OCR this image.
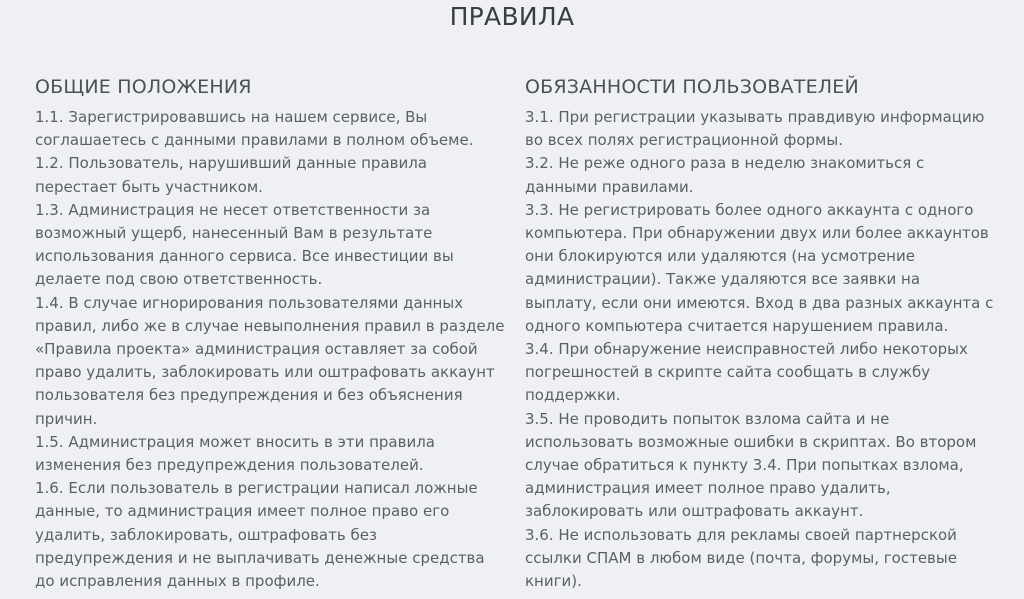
ПРАВИЛА
ОБЩИЕ ПОЛОЖЕНИЯ
1.1. Зарегистрировавшись на нашем сервисе, Вы соглашаетесь с данными правилами в полном объеме.
1.2. Пользователь, нарушивший данные правила перестает быть участником.
1.3. Администрация не несет ответственности за возможный ущерб, нанесенный Вам в результате использования данного сервиса. Все инвестиции вы делаете под свою ответственность.
1.4. В случае игнорирования пользователями данных правил, либо же в случае невыполнения правил в разделе «Правила проекта» администрация оставляет за собой право удалить, заблокировать или оштрафовать аккаунт пользователя без предупреждения и без объяснения причин.
1.5. Администрация может вносить в эти правила изменения без предупреждения пользователей.
1.6. Если пользователь в регистрации написал ложные данные, то администрация имеет полное право его удалить, заблокировать, оштрафовать без предупреждения и не выплачивать денежные средства до исправления данных в профиле.
ОБЯЗАННОСТИ ПОЛЬЗОВАТЕЛЕЙ
3.1. При регистрации указывать правдивую информацию во всех полях регистрационной формы.
3.2. Не реже одного раза в неделю знакомиться с данными правилами.
3.3. Не регистрировать более одного аккаунта с одного компьютера. При обнаружении двух или более аккаунтов они блокируются или удаляются (на усмотрение администрации). Также удаляются все заявки на выплату, если они имеются. Вход в два разных аккаунта с одного компьютера считается нарушением правила.
3.4. При обнаружение неисправностей либо некоторых погрешностей в скрипте сайта сообщать в службу поддержки.
3.5. Не проводить попыток взлома сайта и не использовать возможные ошибки в скриптах. Во втором случае обратиться к пункту 3.4. При попытках взлома, администрация имеет полное право удалить, заблокировать или оштрафовать аккаунт.
3.6. Не использовать для рекламы своей партнерской ссылки СПАМ в любом виде (почта, форумы, гостевые книги).
